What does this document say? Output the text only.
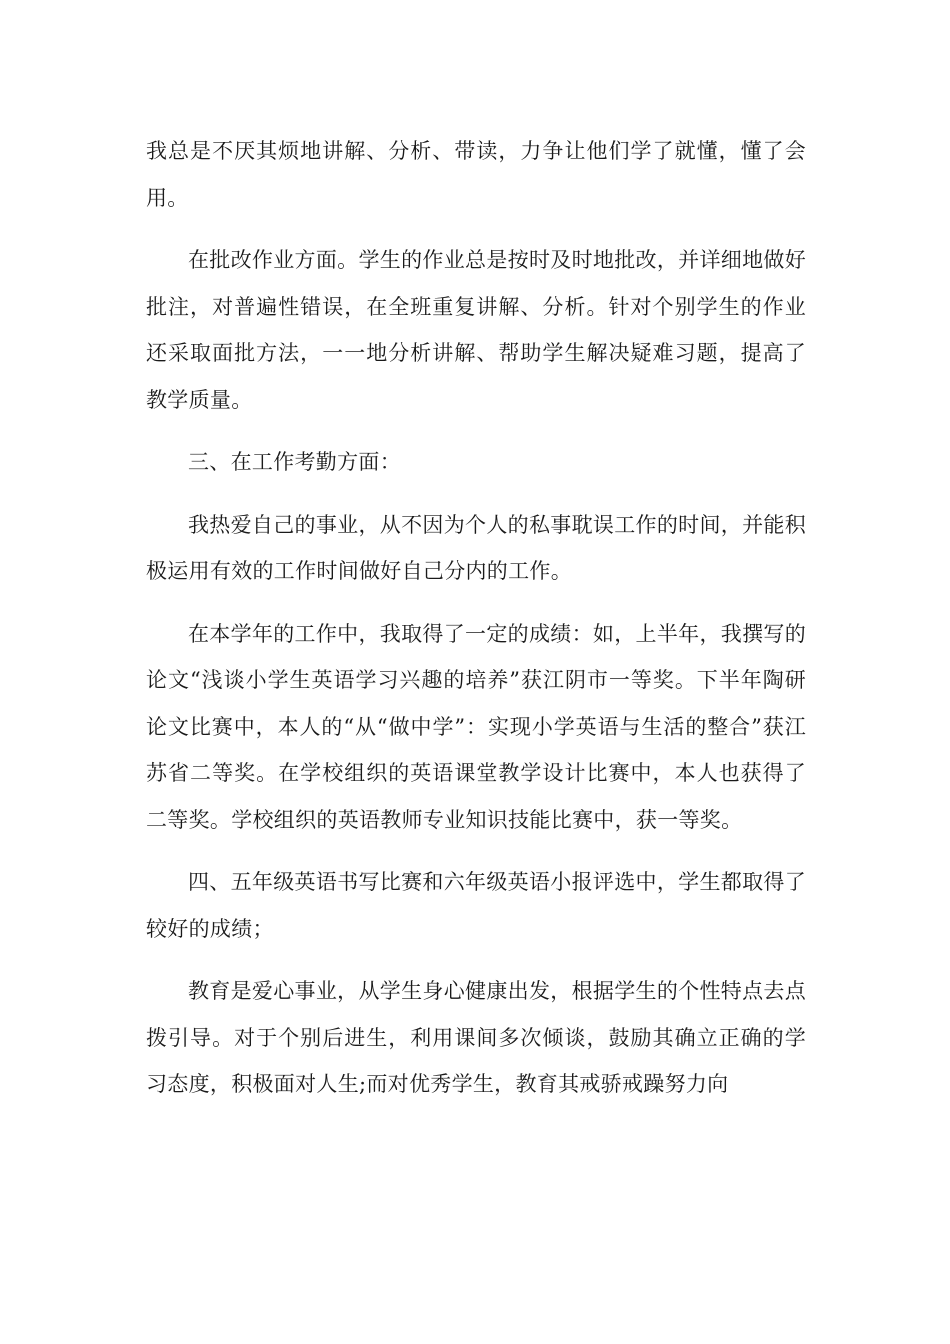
我总是不厌其烦地讲解、分析、带读，力争让他们学了就懂，懂了会用。

在批改作业方面。学生的作业总是按时及时地批改，并详细地做好批注，对普遍性错误，在全班重复讲解、分析。针对个别学生的作业还采取面批方法，一一地分析讲解、帮助学生解决疑难习题，提高了教学质量。

三、在工作考勤方面：

我热爱自己的事业，从不因为个人的私事耽误工作的时间，并能积极运用有效的工作时间做好自己分内的工作。

在本学年的工作中，我取得了一定的成绩：如，上半年，我撰写的论文“浅谈小学生英语学习兴趣的培养”获江阴市一等奖。下半年陶研论文比赛中，本人的“从“做中学”：实现小学英语与生活的整合”获江苏省二等奖。在学校组织的英语课堂教学设计比赛中，本人也获得了二等奖。学校组织的英语教师专业知识技能比赛中，获一等奖。

四、五年级英语书写比赛和六年级英语小报评选中，学生都取得了较好的成绩；

教育是爱心事业，从学生身心健康出发，根据学生的个性特点去点拨引导。对于个别后进生，利用课间多次倾谈，鼓励其确立正确的学习态度，积极面对人生;而对优秀学生，教育其戒骄戒躁努力向
